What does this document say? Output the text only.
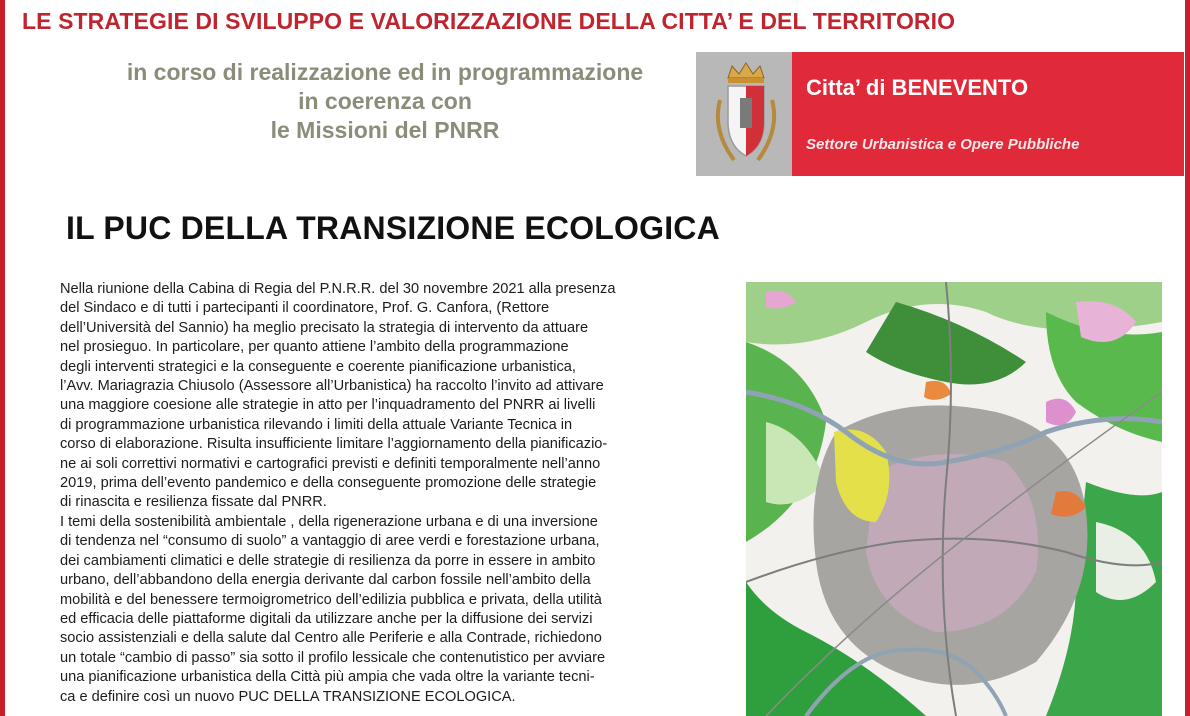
LE STRATEGIE DI SVILUPPO E VALORIZZAZIONE DELLA CITTA’ E DEL TERRITORIO
in corso di realizzazione ed in programmazione
in coerenza con
le Missioni del PNRR
Citta’ di BENEVENTO
Settore Urbanistica e Opere Pubbliche
IL PUC DELLA TRANSIZIONE ECOLOGICA
Nella riunione della Cabina di Regia del P.N.R.R. del 30 novembre 2021 alla presenza
del Sindaco e di tutti i partecipanti il coordinatore, Prof. G. Canfora, (Rettore
dell’Università del Sannio) ha meglio precisato la strategia di intervento da attuare
nel prosieguo. In particolare, per quanto attiene l’ambito della programmazione
degli interventi strategici e la conseguente e coerente pianificazione urbanistica,
l’Avv. Mariagrazia Chiusolo (Assessore all’Urbanistica) ha raccolto l’invito ad attivare
una maggiore coesione alle strategie in atto per l’inquadramento del PNRR ai livelli
di programmazione urbanistica rilevando i limiti della attuale Variante Tecnica in
corso di elaborazione. Risulta insufficiente limitare l’aggiornamento della pianificazio-
ne ai soli correttivi normativi e cartografici previsti e definiti temporalmente nell’anno
2019, prima dell’evento pandemico e della conseguente promozione delle strategie
di rinascita e resilienza fissate dal PNRR.
I temi della sostenibilità ambientale , della rigenerazione urbana e di una inversione
di tendenza nel “consumo di suolo” a vantaggio di aree verdi e forestazione urbana,
dei cambiamenti climatici e delle strategie di resilienza da porre in essere in ambito
urbano, dell’abbandono della energia derivante dal carbon fossile nell’ambito della
mobilità e del benessere termoigrometrico dell’edilizia pubblica e privata, della utilità
ed efficacia delle piattaforme digitali da utilizzare anche per la diffusione dei servizi
socio assistenziali e della salute dal Centro alle Periferie e alla Contrade, richiedono
un totale “cambio di passo” sia sotto il profilo lessicale che contenutistico per avviare
una pianificazione urbanistica della Città più ampia che vada oltre la variante tecni-
ca e definire così un nuovo PUC DELLA TRANSIZIONE ECOLOGICA.
